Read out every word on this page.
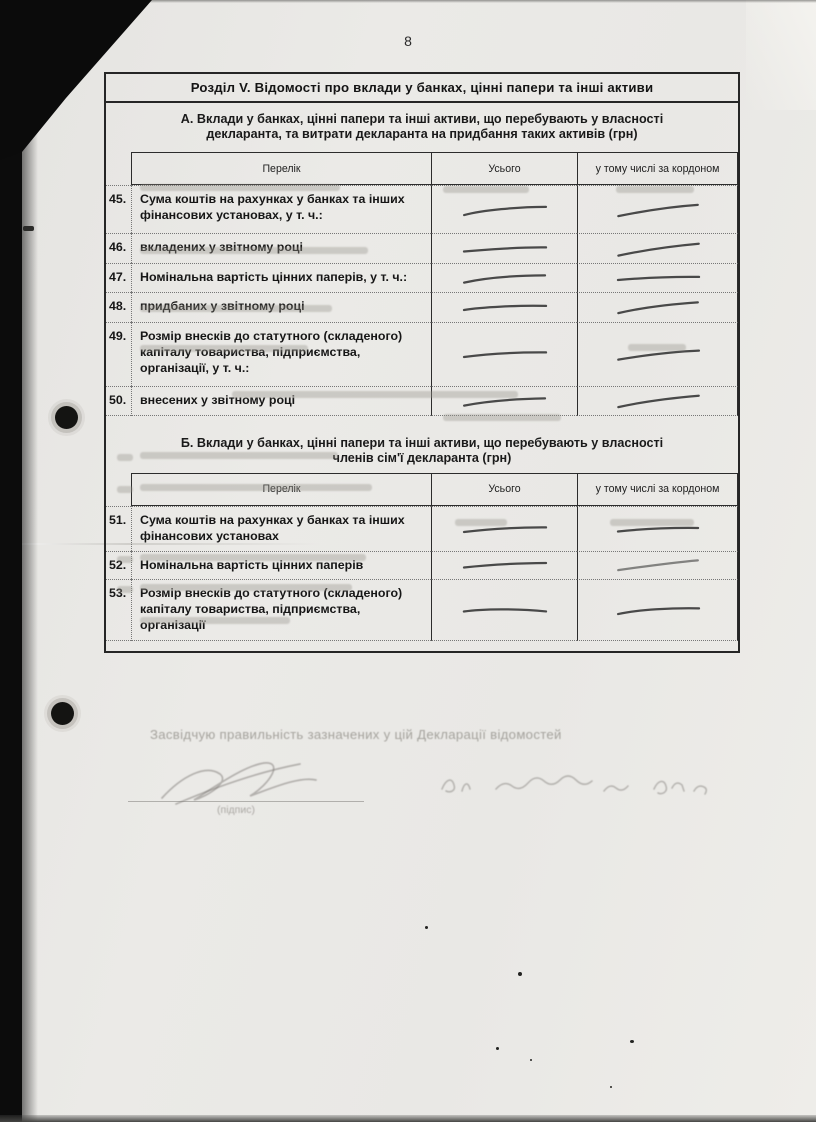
8
Розділ V. Відомості про вклади у банках, цінні папери та інші активи
А. Вклади у банках, цінні папери та інші активи, що перебувають у власності
декларанта, та витрати декларанта на придбання таких активів (грн)
Перелік	Усього	у тому числі за кордоном
45.	Сума коштів на рахунках у банках та інших фінансових установах, у т. ч.:
46.	вкладених у звітному році
47.	Номінальна вартість цінних паперів, у т. ч.:
48.	придбаних у звітному році
49.	Розмір внесків до статутного (складеного) капіталу товариства, підприємства, організації, у т. ч.:
50.	внесених у звітному році
Б. Вклади у банках, цінні папери та інші активи, що перебувають у власності
членів сім'ї декларанта (грн)
Перелік	Усього	у тому числі за кордоном
51.	Сума коштів на рахунках у банках та інших фінансових установах
52.	Номінальна вартість цінних паперів
53.	Розмір внесків до статутного (складеного) капіталу товариства, підприємства, організації
Засвідчую правильність зазначених у цій Декларації відомостей
(підпис)
